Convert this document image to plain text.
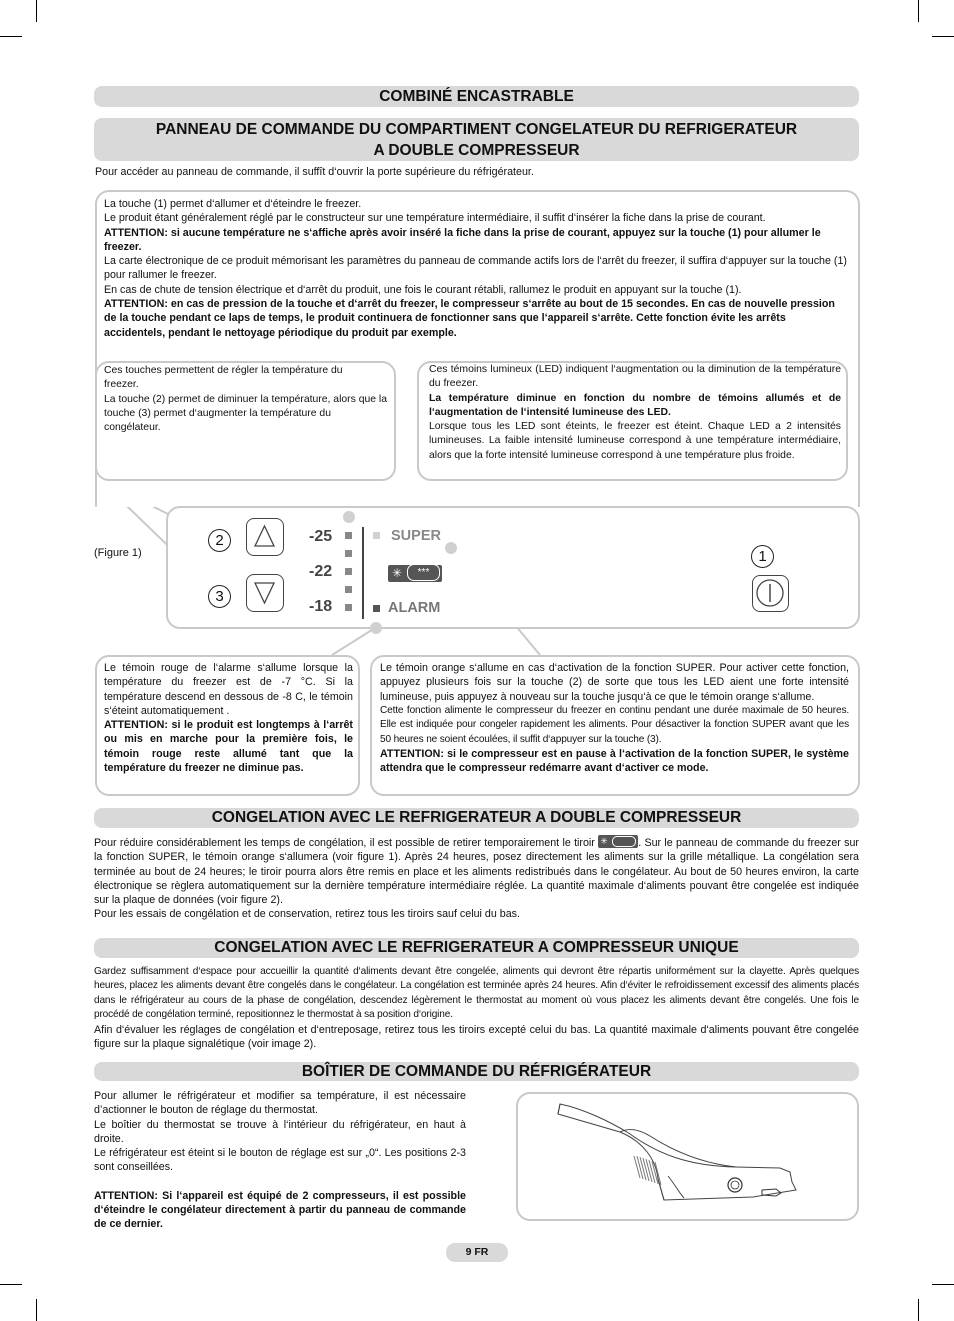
COMBINÉ ENCASTRABLE
PANNEAU DE COMMANDE DU COMPARTIMENT CONGELATEUR DU REFRIGERATEUR
A DOUBLE COMPRESSEUR
Pour accéder au panneau de commande, il suffît d‘ouvrir la porte supérieure du réfrigérateur.

La touche (1) permet d‘allumer et d‘éteindre le freezer.

Le produit étant généralement réglé par le constructeur sur une température intermédiaire, il suffit d‘insérer la fiche dans la prise de courant.

ATTENTION: si aucune température ne s‘affiche après avoir inséré la fiche dans la prise de courant, appuyez sur la touche (1) pour allumer le freezer.

La carte électronique de ce produit mémorisant les paramètres du panneau de commande actifs lors de l‘arrêt du freezer, il suffira d‘appuyer sur la touche (1) pour rallumer le freezer.

En cas de chute de tension électrique et d‘arrêt du produit, une fois le courant rétabli, rallumez le produit en appuyant sur la touche (1).

ATTENTION: en cas de pression de la touche et d‘arrêt du freezer, le compresseur s‘arrête au bout de 15 secondes. En cas de nouvelle pression de la touche pendant ce laps de temps, le produit continuera de fonctionner sans que l‘appareil s‘arrête. Cette fonction évite les arrêts accidentels, pendant le nettoyage périodique du produit par exemple.

Ces touches permettent de régler la température du freezer.

La touche (2) permet de diminuer la température, alors que la touche (3) permet d‘augmenter la température du congélateur.

Ces témoins lumineux (LED) indiquent l‘augmentation ou la diminution de la température du freezer.

La température diminue en fonction du nombre de témoins allumés et de l‘augmentation de l‘intensité lumineuse des LED.

Lorsque tous les LED sont éteints, le freezer est éteint. Chaque LED a 2 intensités lumineuses. La faible intensité lumineuse correspond à une température intermédiaire, alors que la forte intensité lumineuse correspond à une température plus froide.

(Figure 1)
2
3
1
-25
-22
-18
SUPER
✳	***
ALARM

Le témoin rouge de l‘alarme s‘allume lorsque la température du freezer est de -7 °C. Si la température descend en dessous de -8 C, le témoin s‘éteint automatiquement .

ATTENTION: si le produit est longtemps à l‘arrêt ou mis en marche pour la première fois, le témoin rouge reste allumé tant que la température du freezer ne diminue pas.

Le témoin orange s‘allume en cas d‘activation de la fonction SUPER. Pour activer cette fonction, appuyez plusieurs fois sur la touche (2) de sorte que tous les LED aient une forte intensité lumineuse, puis appuyez à nouveau sur la touche jusqu‘à ce que le témoin orange s‘allume.

Cette fonction alimente le compresseur du freezer en continu pendant une durée maximale de 50 heures. Elle est indiquée pour congeler rapidement les aliments. Pour désactiver la fonction SUPER avant que les 50 heures ne soient écoulées, il suffit d‘appuyer sur la touche (3).

ATTENTION: si le compresseur est en pause à l‘activation de la fonction SUPER, le système attendra que le compresseur redémarre avant d‘activer ce mode.

CONGELATION AVEC LE REFRIGERATEUR A DOUBLE COMPRESSEUR

Pour réduire considérablement les temps de congélation, il est possible de retirer temporairement le tiroir ✳	. Sur le panneau de commande du freezer sur la fonction SUPER, le témoin orange s‘allumera (voir figure 1). Après 24 heures, posez directement les aliments sur la grille métallique. La congélation sera terminée au bout de 24 heures; le tiroir pourra alors être remis en place et les aliments redistribués dans le congélateur. Au bout de 50 heures environ, la carte électronique se règlera automatiquement sur la dernière température intermédiaire réglée. La quantité maximale d‘aliments pouvant être congelée est indiquée sur la plaque de données (voir figure 2).

Pour les essais de congélation et de conservation, retirez tous les tiroirs sauf celui du bas.

CONGELATION AVEC LE REFRIGERATEUR A COMPRESSEUR UNIQUE

Gardez suffisamment d‘espace pour accueillir la quantité d‘aliments devant être congelée, aliments qui devront être répartis uniformément sur la clayette. Après quelques heures, placez les aliments devant être congelés dans le congélateur. La congélation est terminée après 24 heures. Afin d‘éviter le refroidissement excessif des aliments placés dans le réfrigérateur au cours de la phase de congélation, descendez légèrement le thermostat au moment où vous placez les aliments devant être congelés. Une fois le procédé de congélation terminé, repositionnez le thermostat à sa position d‘origine.

Afin d‘évaluer les réglages de congélation et d‘entreposage, retirez tous les tiroirs excepté celui du bas. La quantité maximale d‘aliments pouvant être congelée figure sur la plaque signalétique (voir image 2).

BOÎTIER DE COMMANDE DU RÉFRIGÉRATEUR

Pour allumer le réfrigérateur et modifier sa température, il est nécessaire d’actionner le bouton de réglage du thermostat.

Le boîtier du thermostat se trouve à l‘intérieur du réfrigérateur, en haut à droite.

Le réfrigérateur est éteint si le bouton de réglage est sur „0“. Les positions 2-3 sont conseillées.

ATTENTION: Si l‘appareil est équipé de 2 compresseurs, il est possible d‘éteindre le congélateur directement à partir du panneau de commande de ce dernier.

9 FR
